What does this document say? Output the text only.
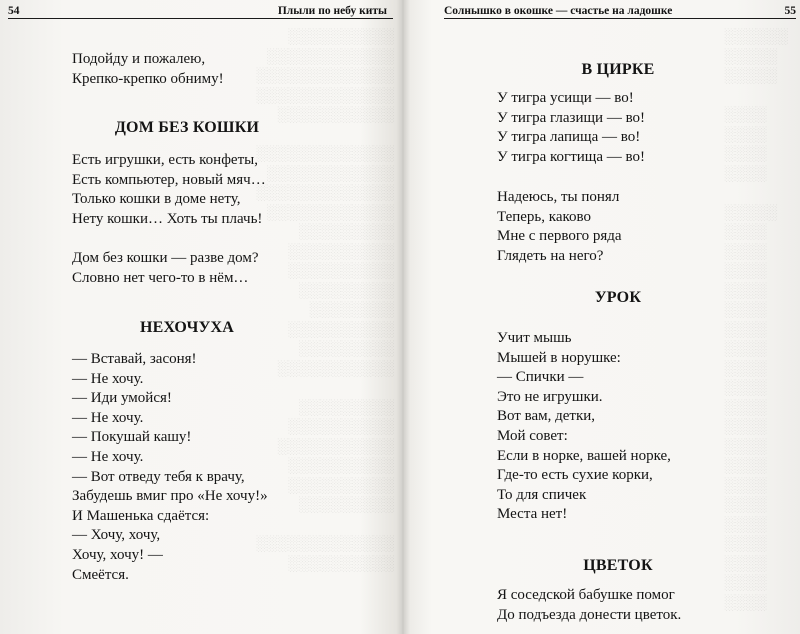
░░░░░░░░░░
░░░░░░░░░░░░
░░░░░░░░░░░░░
░░░░░░░░░░░░░
░░░░░░░░░░░

░░░░░░░░░░░░░
░░░░░░░░░░░░
░░░░░░░░░░░░░
░░░░░░░░░░░░
░░░░░░░░░
░░░░░░░░░░
░░░░░░░░░░
░░░░░░░░░
░░░░░░░░
░░░░░░░░░░
░░░░░░░░░
░░░░░░░░░░░

░░░░░░░░░
░░░░░░░░░░
░░░░░░░░░░░
░░░░░░░░░░
░░░░░░░░░░
░░░░░░░░░

░░░░░░░░░░░░░
░░░░░░░░░░
░░░░░░
░░░░░
░░░░░

░░░░
░░░░
░░░░
░░░░

░░░░░
░░░░
░░░░
░░░░
░░░░
░░░░
░░░░
░░░░
░░░░
░░░░
░░░░
░░░░
░░░░
░░░░
░░░░
░░░░
░░░░
░░░░
░░░░
░░░░
░░░░
54	Плыли по небу киты
Подойду и пожалею,
Крепко-крепко обниму!
ДОМ БЕЗ КОШКИ
Есть игрушки, есть конфеты,
Есть компьютер, новый мяч…
Только кошки в доме нету,
Нету кошки… Хоть ты плачь!
Дом без кошки — разве дом?
Словно нет чего-то в нём…
НЕХОЧУХА
— Вставай, засоня!
— Не хочу.
— Иди умойся!
— Не хочу.
— Покушай кашу!
— Не хочу.
— Вот отведу тебя к врачу,
Забудешь вмиг про «Не хочу!»
И Машенька сдаётся:
— Хочу, хочу,
Хочу, хочу! —
Смеётся.
Солнышко в окошке — счастье на ладошке	55
В ЦИРКЕ
У тигра усищи — во!
У тигра глазищи — во!
У тигра лапища — во!
У тигра когтища — во!
Надеюсь, ты понял
Теперь, каково
Мне с первого ряда
Глядеть на него?
УРОК
Учит мышь
Мышей в норушке:
— Спички —
Это не игрушки.
Вот вам, детки,
Мой совет:
Если в норке, вашей норке,
Где-то есть сухие корки,
То для спичек
Места нет!
ЦВЕТОК
Я соседской бабушке помог
До подъезда донести цветок.
